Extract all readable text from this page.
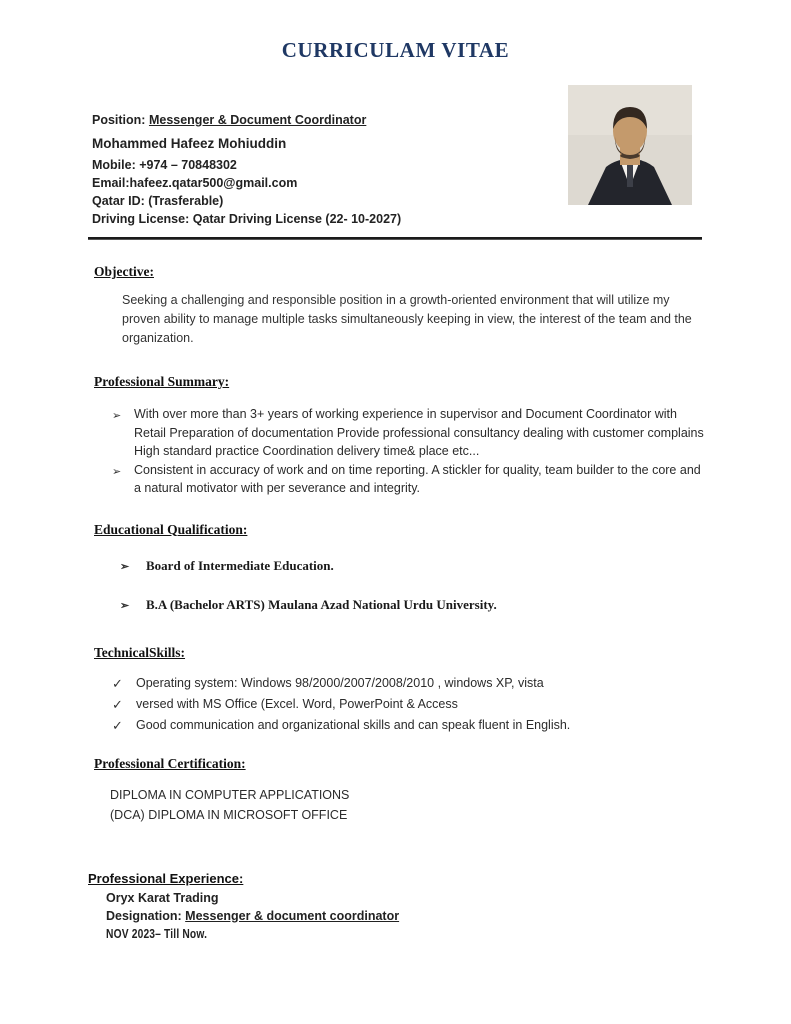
CURRICULAM VITAE
Position: Messenger & Document Coordinator
Mohammed Hafeez Mohiuddin
Mobile: +974 – 70848302
Email:hafeez.qatar500@gmail.com
Qatar ID: (Trasferable)
Driving License: Qatar Driving License (22- 10-2027)
Objective:
Seeking a challenging and responsible position in a growth-oriented environment that will utilize my proven ability to manage multiple tasks simultaneously keeping in view, the interest of the team and the organization.
Professional Summary:
➢	With over more than 3+ years of working experience in supervisor and Document Coordinator with Retail Preparation of documentation Provide professional consultancy dealing with customer complains High standard practice Coordination delivery time& place etc...
➢	Consistent in accuracy of work and on time reporting. A stickler for quality, team builder to the core and a natural motivator with per severance and integrity.
Educational Qualification:
➢	Board of Intermediate Education.
➢	B.A (Bachelor ARTS) Maulana Azad National Urdu University.
TechnicalSkills:
✓	Operating system: Windows 98/2000/2007/2008/2010 , windows XP, vista
✓	versed with MS Office (Excel. Word, PowerPoint & Access
✓	Good communication and organizational skills and can speak fluent in English.
Professional Certification:
DIPLOMA IN COMPUTER APPLICATIONS
(DCA) DIPLOMA IN MICROSOFT OFFICE
Professional Experience:
Oryx Karat Trading
Designation: Messenger & document coordinator
NOV 2023– Till Now.
